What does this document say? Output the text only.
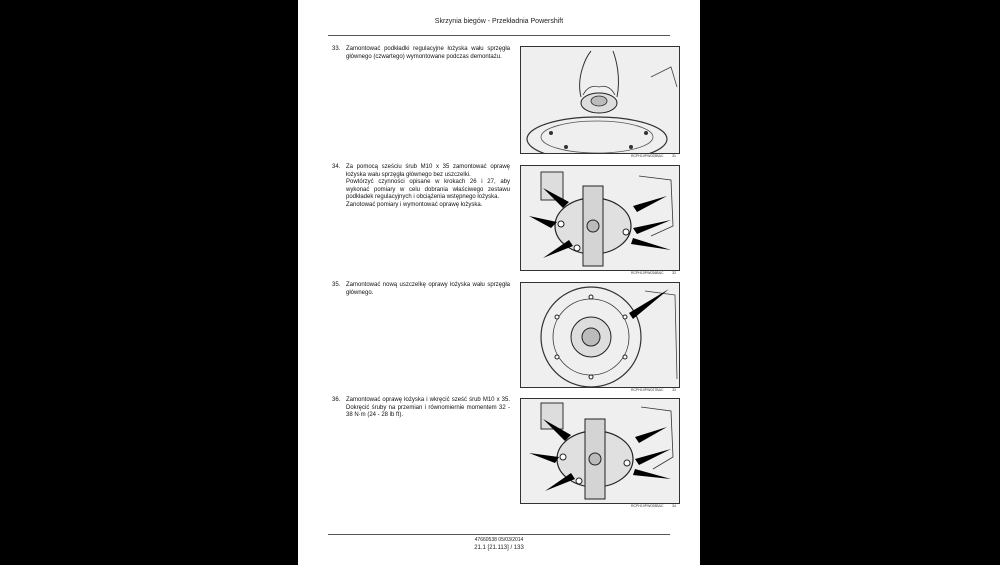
Skrzynia biegów - Przekładnia Powershift
33. Zamontować podkładki regulacyjne łożyska wału sprzęgła głównego (czwartego) wymontowane podczas demontażu.

RCPH10PW025BAC 31
34. Za pomocą sześciu śrub M10 x 35 zamontować oprawę łożyska wału sprzęgła głównego bez uszczelki.

Powtórzyć czynności opisane w krokach 26 i 27, aby wykonać pomiary w celu dobrania właściwego zestawu podkładek regulacyjnych i obciążenia wstępnego łożyska.

Zanotować pomiary i wymontować oprawę łożyska.

RCPH10PW026BAC 32
35. Zamontować nową uszczelkę oprawy łożyska wału sprzęgła głównego.

RCPH10PW027BAC 33
36. Zamontować oprawę łożyska i wkręcić sześć śrub M10 x 35. Dokręcić śruby na przemian i równomiernie momentem 32 - 38 N·m (24 - 28 lb ft).

RCPH10PW028BAC 34
47660538 05/03/2014
21.1 [21.113] / 133
